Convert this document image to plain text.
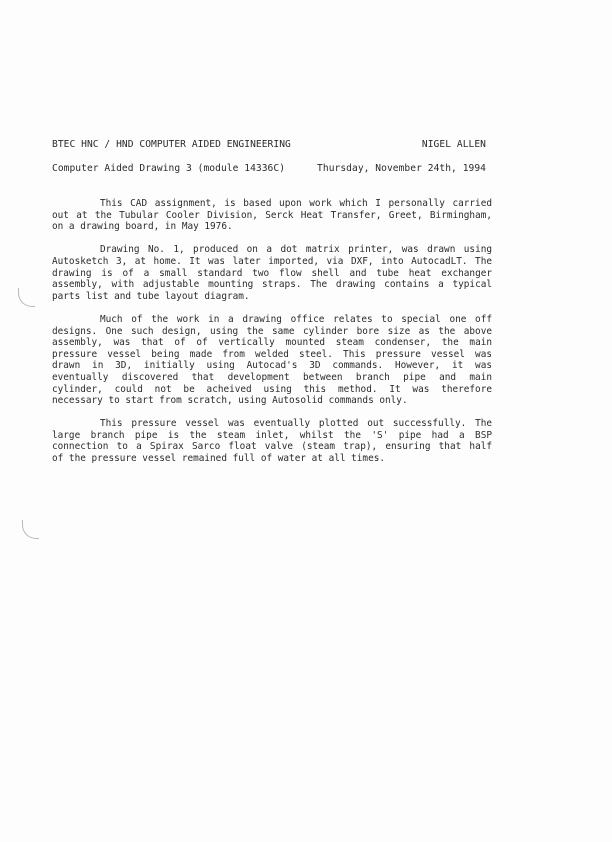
BTEC HNC / HND COMPUTER AIDED ENGINEERING	NIGEL ALLEN
Computer Aided Drawing 3 (module 14336C)	Thursday, November 24th, 1994

This CAD assignment, is based upon work which I personally carried
out at the Tubular Cooler Division, Serck Heat Transfer, Greet, Birmingham,
on a drawing board, in May 1976.

Drawing No. 1, produced on a dot matrix printer, was drawn using
Autosketch 3, at home. It was later imported, via DXF, into AutocadLT. The
drawing is of a small standard two flow shell and tube heat exchanger
assembly, with adjustable mounting straps. The drawing contains a typical
parts list and tube layout diagram.

Much of the work in a drawing office relates to special one off
designs. One such design, using the same cylinder bore size as the above
assembly, was that of of vertically mounted steam condenser, the main
pressure vessel being made from welded steel. This pressure vessel was
drawn in 3D, initially using Autocad's 3D commands. However, it was
eventually discovered that development between branch pipe and main
cylinder, could not be acheived using this method. It was therefore
necessary to start from scratch, using Autosolid commands only.

This pressure vessel was eventually plotted out successfully. The
large branch pipe is the steam inlet, whilst the 'S' pipe had a BSP
connection to a Spirax Sarco float valve (steam trap), ensuring that half
of the pressure vessel remained full of water at all times.
